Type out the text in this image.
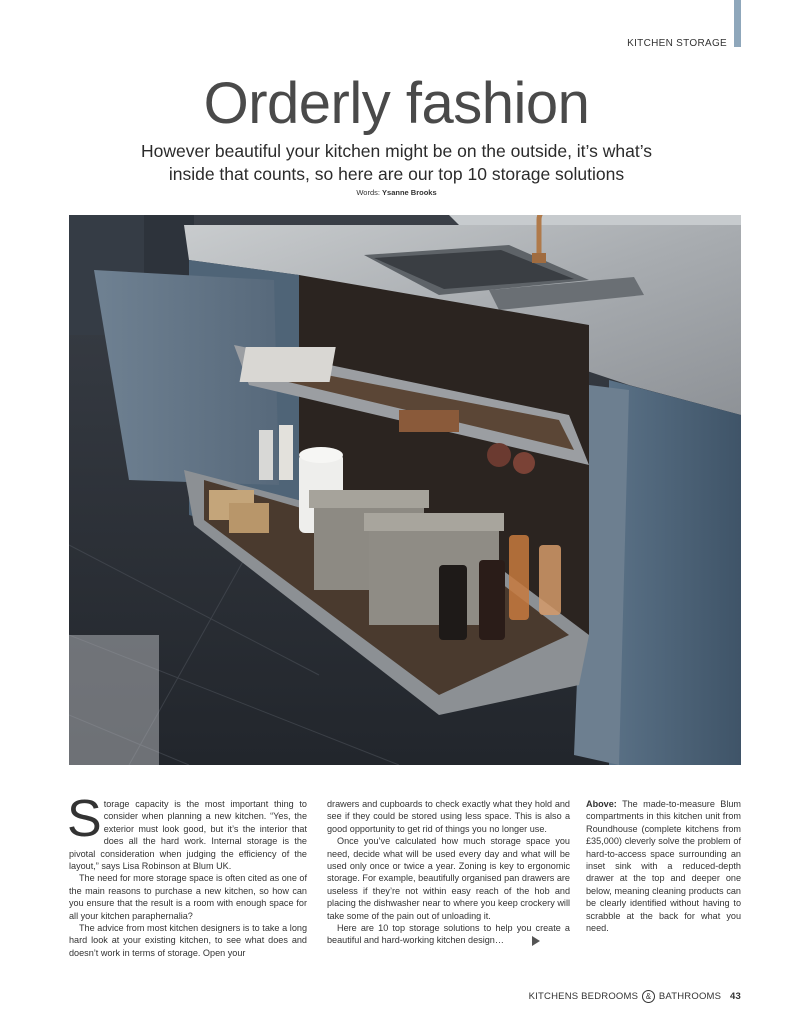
KITCHEN STORAGE
Orderly fashion
However beautiful your kitchen might be on the outside, it’s what’s
inside that counts, so here are our top 10 storage solutions
Words: Ysanne Brooks

Storage capacity is the most important thing to consider when planning a new kitchen. “Yes, the exterior must look good, but it’s the interior that does all the hard work. Internal storage is the pivotal consideration when judging the efficiency of the layout,” says Lisa Robinson at Blum UK.

The need for more storage space is often cited as one of the main reasons to purchase a new kitchen, so how can you ensure that the result is a room with enough space for all your kitchen paraphernalia?

The advice from most kitchen designers is to take a long hard look at your existing kitchen, to see what does and doesn’t work in terms of storage. Open your

drawers and cupboards to check exactly what they hold and see if they could be stored using less space. This is also a good opportunity to get rid of things you no longer use.

Once you’ve calculated how much storage space you need, decide what will be used every day and what will be used only once or twice a year. Zoning is key to ergonomic storage. For example, beautifully organised pan drawers are useless if they’re not within easy reach of the hob and placing the dishwasher near to where you keep crockery will take some of the pain out of unloading it.

Here are 10 top storage solutions to help you create a beautiful and hard-working kitchen design…

Above: The made-to-measure Blum compartments in this kitchen unit from Roundhouse (complete kitchens from £35,000) cleverly solve the problem of hard-to-access space surrounding an inset sink with a reduced-depth drawer at the top and deeper one below, meaning cleaning products can be clearly identified without having to scrabble at the back for what you need.

KITCHENS BEDROOMS & BATHROOMS 43
